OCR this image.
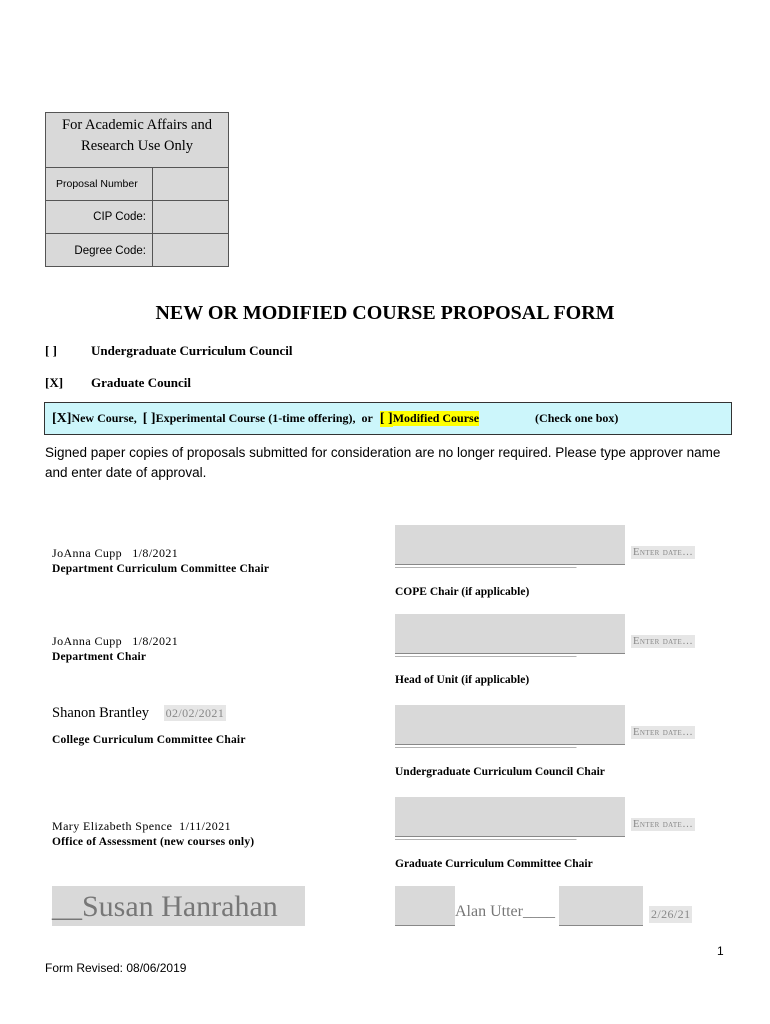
For Academic Affairs and Research Use Only
Proposal Number
CIP Code:
Degree Code:
NEW OR MODIFIED COURSE PROPOSAL FORM
[ ]	Undergraduate Curriculum Council
[X] Graduate Council
[X] New Course, [ ] Experimental Course (1-time offering), or [ ] Modified Course	(Check one box)
Signed paper copies of proposals submitted for consideration are no longer required. Please type approver name and enter date of approval.
JoAnna Cupp 1/8/2021
Department Curriculum Committee Chair
JoAnna Cupp 1/8/2021
Department Chair
Shanon Brantley 02/02/2021
College Curriculum Committee Chair
Mary Elizabeth Spence 1/11/2021
Office of Assessment (new courses only)
_________________________________
Enter date…
COPE Chair (if applicable)
_________________________________
Enter date…
Head of Unit (if applicable)
_________________________________
Enter date…
Undergraduate Curriculum Council Chair
_________________________________
Enter date…
Graduate Curriculum Committee Chair
__Susan Hanrahan	Alan Utter____	2/26/21
1
Form Revised: 08/06/2019
